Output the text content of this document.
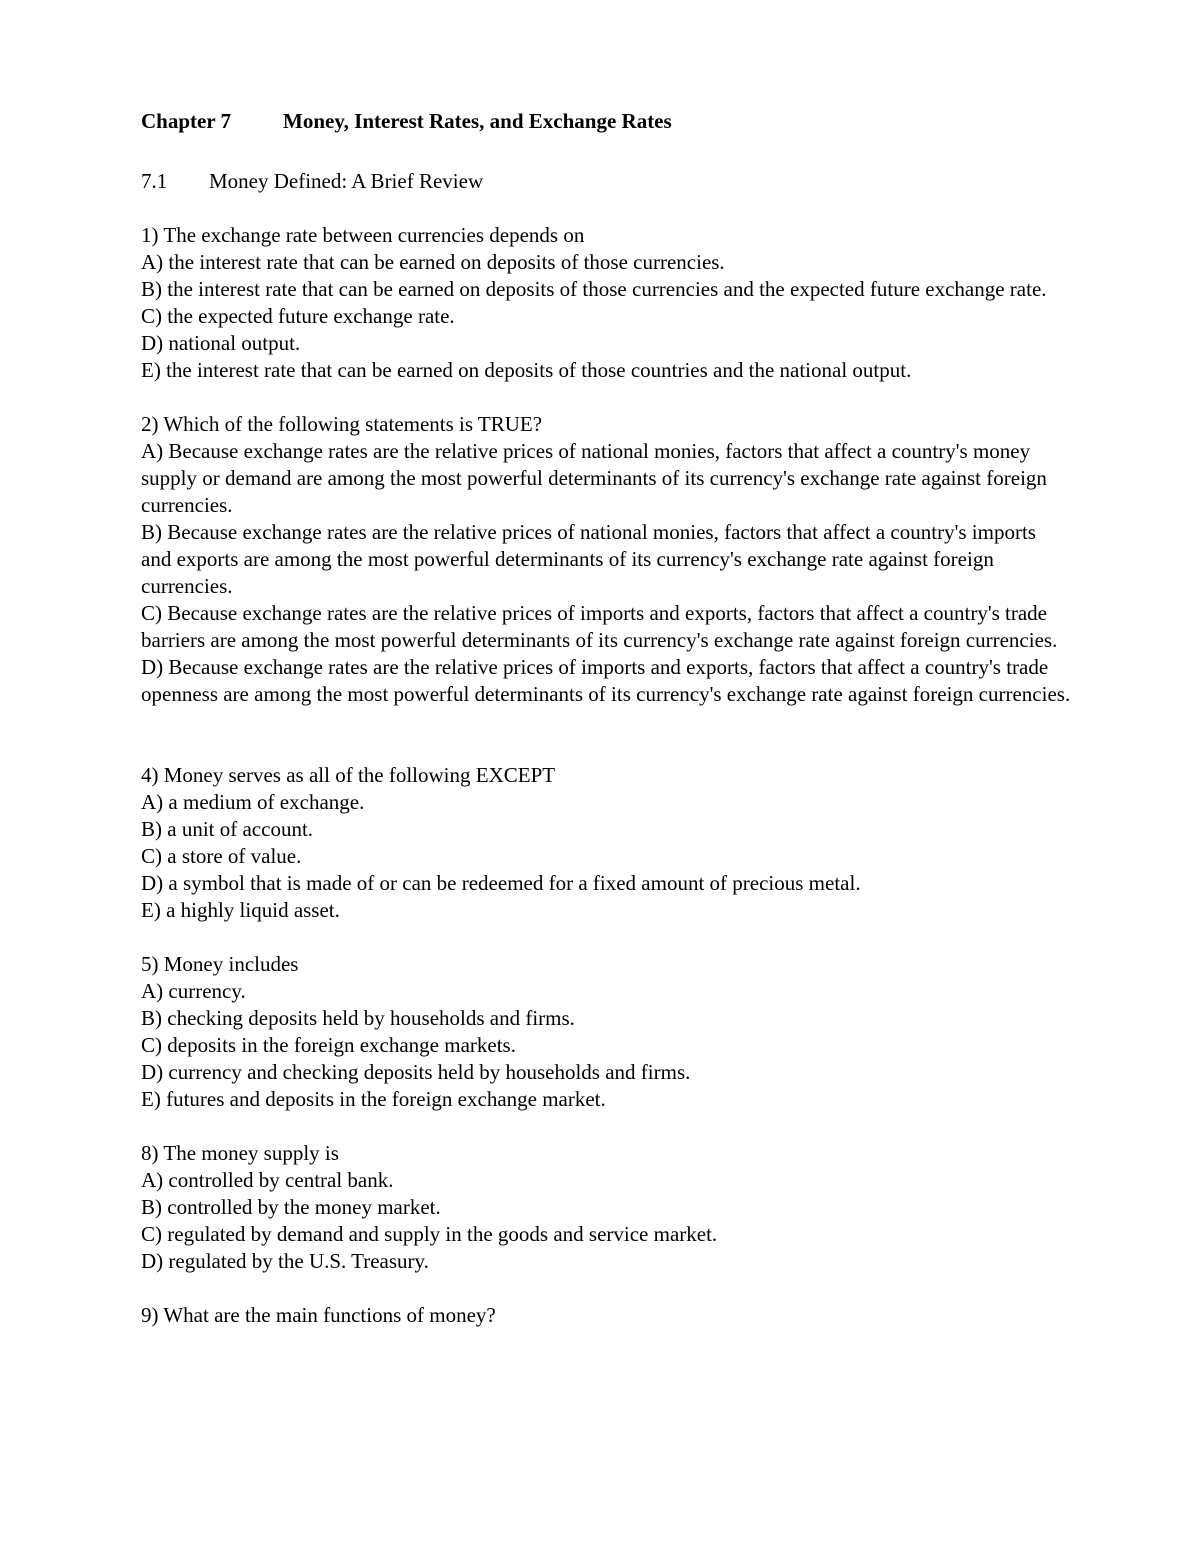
Chapter 7 Money, Interest Rates, and Exchange Rates
7.1 Money Defined: A Brief Review
1) The exchange rate between currencies depends on
A) the interest rate that can be earned on deposits of those currencies.
B) the interest rate that can be earned on deposits of those currencies and the expected future exchange rate.
C) the expected future exchange rate.
D) national output.
E) the interest rate that can be earned on deposits of those countries and the national output.
2) Which of the following statements is TRUE?
A) Because exchange rates are the relative prices of national monies, factors that affect a country's money supply or demand are among the most powerful determinants of its currency's exchange rate against foreign currencies.
B) Because exchange rates are the relative prices of national monies, factors that affect a country's imports and exports are among the most powerful determinants of its currency's exchange rate against foreign currencies.
C) Because exchange rates are the relative prices of imports and exports, factors that affect a country's trade barriers are among the most powerful determinants of its currency's exchange rate against foreign currencies.
D) Because exchange rates are the relative prices of imports and exports, factors that affect a country's trade openness are among the most powerful determinants of its currency's exchange rate against foreign currencies.
4) Money serves as all of the following EXCEPT
A) a medium of exchange.
B) a unit of account.
C) a store of value.
D) a symbol that is made of or can be redeemed for a fixed amount of precious metal.
E) a highly liquid asset.
5) Money includes
A) currency.
B) checking deposits held by households and firms.
C) deposits in the foreign exchange markets.
D) currency and checking deposits held by households and firms.
E) futures and deposits in the foreign exchange market.
8) The money supply is
A) controlled by central bank.
B) controlled by the money market.
C) regulated by demand and supply in the goods and service market.
D) regulated by the U.S. Treasury.
9) What are the main functions of money?
